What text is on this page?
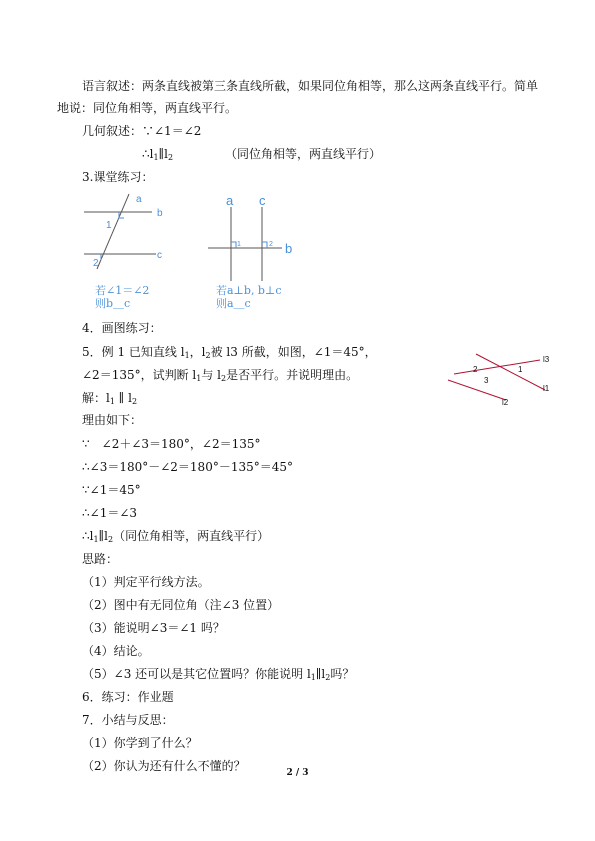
语言叙述：两条直线被第三条直线所截，如果同位角相等，那么这两条直线平行。简单
地说：同位角相等，两直线平行。
几何叙述：∵∠1＝∠2
$\therefore l_1\parallel l_2$	（同位角相等，两直线平行）
3.课堂练习：
a
b
c
1
2
若∠1＝∠2
则b＿c
a c
b
1	2
若a⊥b, b⊥c
则a＿c
4．画图练习：
5．例 1 已知直线 $l_1$，$l_2$被 l3 所截，如图，∠1＝45°，
∠2＝135°，试判断 $l_1$与 $l_2$是否平行。并说明理由。
解：$l_1$ ∥ $l_2$
理由如下：
∵　∠2＋∠3＝180°，∠2＝135°
∴∠3＝180°－∠2＝180°－135°＝45°
∵∠1＝45°
∴∠1＝∠3
$\therefore l_1\parallel l_2$（同位角相等，两直线平行）
l3
l1
l2
1
2
3
思路：
（1）判定平行线方法。
（2）图中有无同位角（注∠3 位置）
（3）能说明∠3＝∠1 吗？
（4）结论。
（5）∠3 还可以是其它位置吗？你能说明 $l_1\parallel l_2$吗？
6．练习：作业题
7．小结与反思：
（1）你学到了什么？
（2）你认为还有什么不懂的？	2 / 3
